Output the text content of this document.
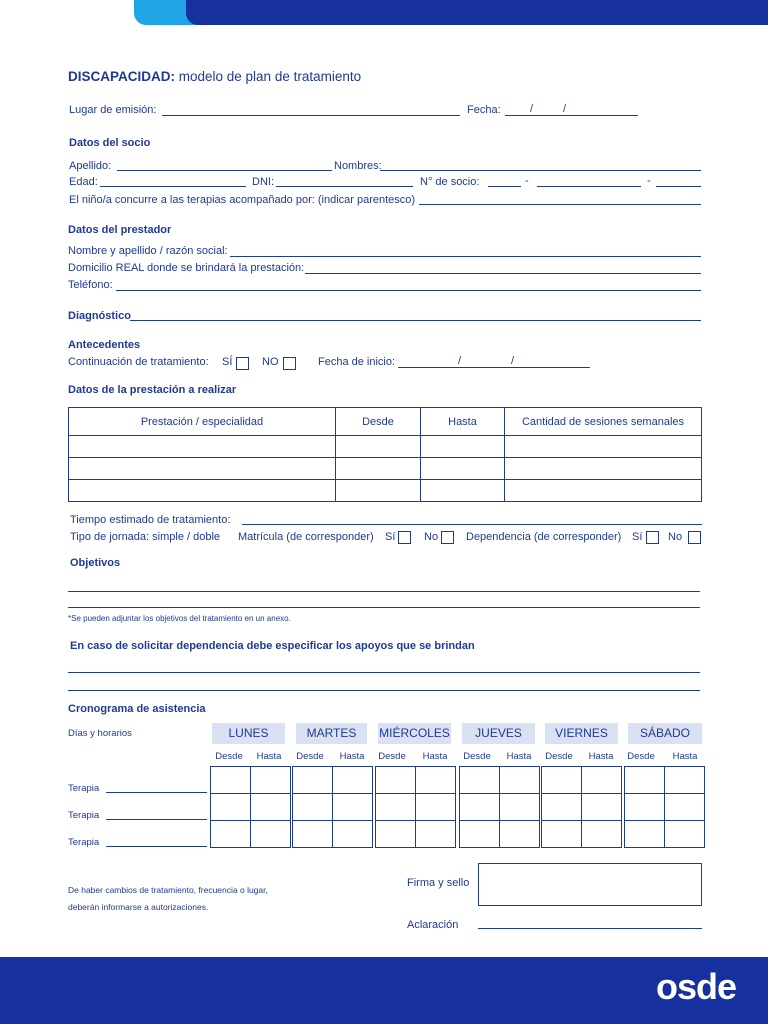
DISCAPACIDAD: modelo de plan de tratamiento
Lugar de emisión:	Fecha:	/	/
Datos del socio
Apellido:	Nombres:
Edad:	DNI:	N° de socio:	-	-
El niño/a concurre a las terapias acompañado por: (indicar parentesco)
Datos del prestador
Nombre y apellido / razón social:
Domicilio REAL donde se brindará la prestación:
Teléfono:
Diagnóstico
Antecedentes
Continuación de tratamiento: SÍ	NO	Fecha de inicio:	/	/
Datos de la prestación a realizar
Prestación / especialidad	Desde	Hasta	Cantidad de sesiones semanales

Tiempo estimado de tratamiento:
Tipo de jornada: simple / doble Matrícula (de corresponder) Sí	No	Dependencia (de corresponder) Sí No
Objetivos
*Se pueden adjuntar los objetivos del tratamiento en un anexo.
En caso de solicitar dependencia debe especificar los apoyos que se brindan
Cronograma de asistencia
Días y horarios	LUNES	MARTES	MIÉRCOLES	JUEVES	VIERNES	SÁBADO
Desde	Hasta	Desde	Hasta	Desde	Hasta	Desde	Hasta	Desde	Hasta	Desde	Hasta

Terapia
Terapia
Terapia
De haber cambios de tratamiento, frecuencia o lugar,
deberán informarse a autorizaciones.
Firma y sello
Aclaración
osde
